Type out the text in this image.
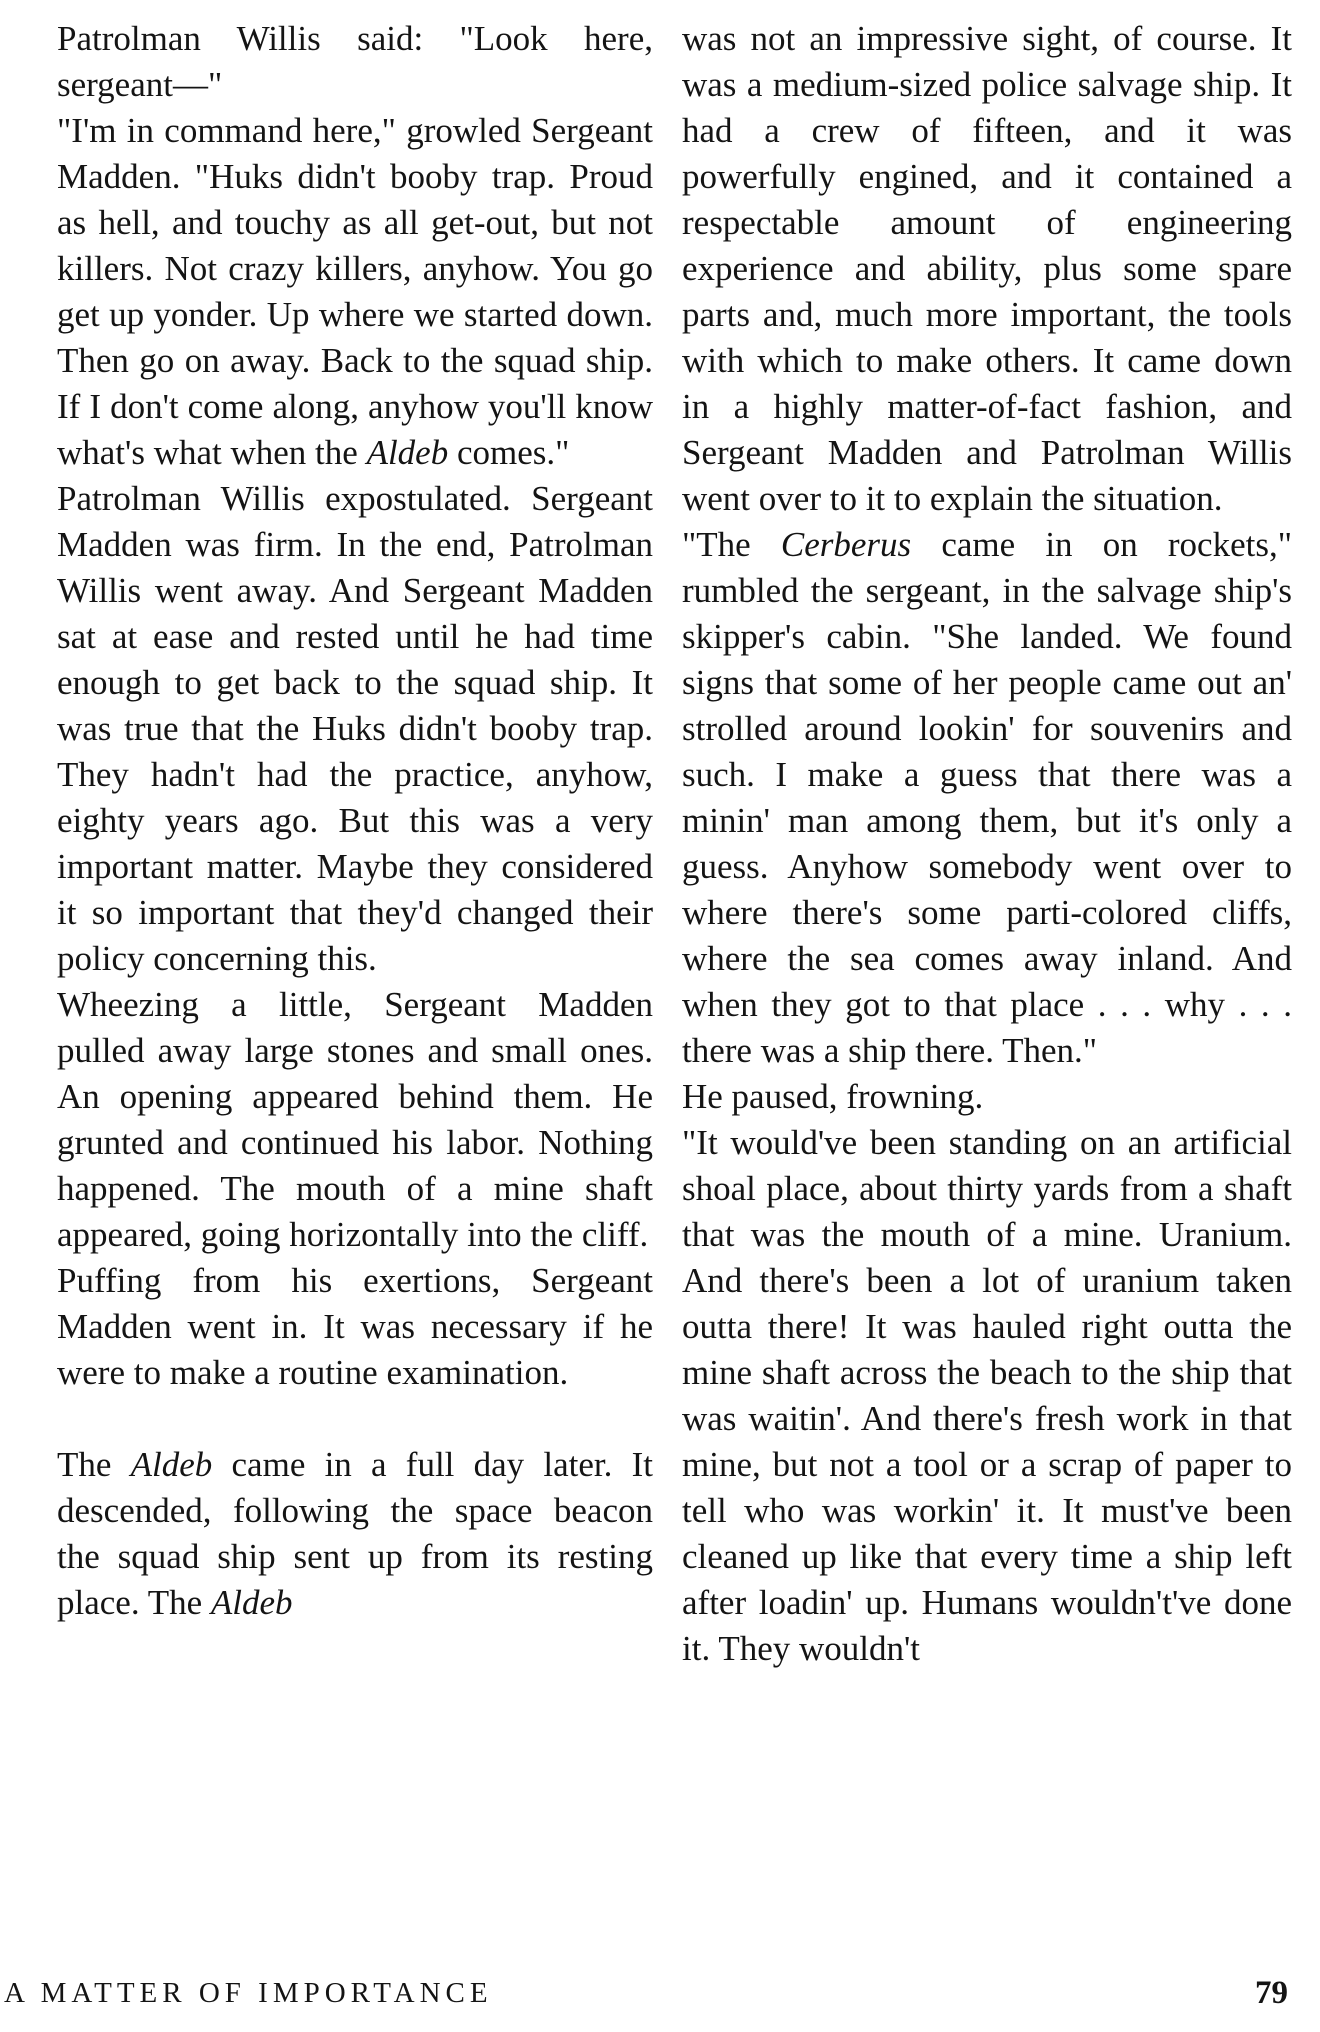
Patrolman Willis said: "Look here, sergeant—"

"I'm in command here," growled Sergeant Madden. "Huks didn't booby trap. Proud as hell, and touchy as all get-out, but not killers. Not crazy killers, anyhow. You go get up yonder. Up where we started down. Then go on away. Back to the squad ship. If I don't come along, anyhow you'll know what's what when the Aldeb comes."

Patrolman Willis expostulated. Sergeant Madden was firm. In the end, Patrolman Willis went away. And Sergeant Madden sat at ease and rested until he had time enough to get back to the squad ship. It was true that the Huks didn't booby trap. They hadn't had the practice, anyhow, eighty years ago. But this was a very important matter. Maybe they considered it so important that they'd changed their policy concerning this.

Wheezing a little, Sergeant Madden pulled away large stones and small ones. An opening appeared behind them. He grunted and continued his labor. Nothing happened. The mouth of a mine shaft appeared, going horizontally into the cliff.

Puffing from his exertions, Sergeant Madden went in. It was necessary if he were to make a routine examination.

The Aldeb came in a full day later. It descended, following the space beacon the squad ship sent up from its resting place. The Aldeb

was not an impressive sight, of course. It was a medium-sized police salvage ship. It had a crew of fifteen, and it was powerfully engined, and it contained a respectable amount of engineering experience and ability, plus some spare parts and, much more important, the tools with which to make others. It came down in a highly matter-of-fact fashion, and Sergeant Madden and Patrolman Willis went over to it to explain the situation.

"The Cerberus came in on rockets," rumbled the sergeant, in the salvage ship's skipper's cabin. "She landed. We found signs that some of her people came out an' strolled around lookin' for souvenirs and such. I make a guess that there was a minin' man among them, but it's only a guess. Anyhow somebody went over to where there's some parti-colored cliffs, where the sea comes away inland. And when they got to that place . . . why . . . there was a ship there. Then."

He paused, frowning.

"It would've been standing on an artificial shoal place, about thirty yards from a shaft that was the mouth of a mine. Uranium. And there's been a lot of uranium taken outta there! It was hauled right outta the mine shaft across the beach to the ship that was waitin'. And there's fresh work in that mine, but not a tool or a scrap of paper to tell who was workin' it. It must've been cleaned up like that every time a ship left after loadin' up. Humans wouldn't've done it. They wouldn't

A MATTER OF IMPORTANCE	79
